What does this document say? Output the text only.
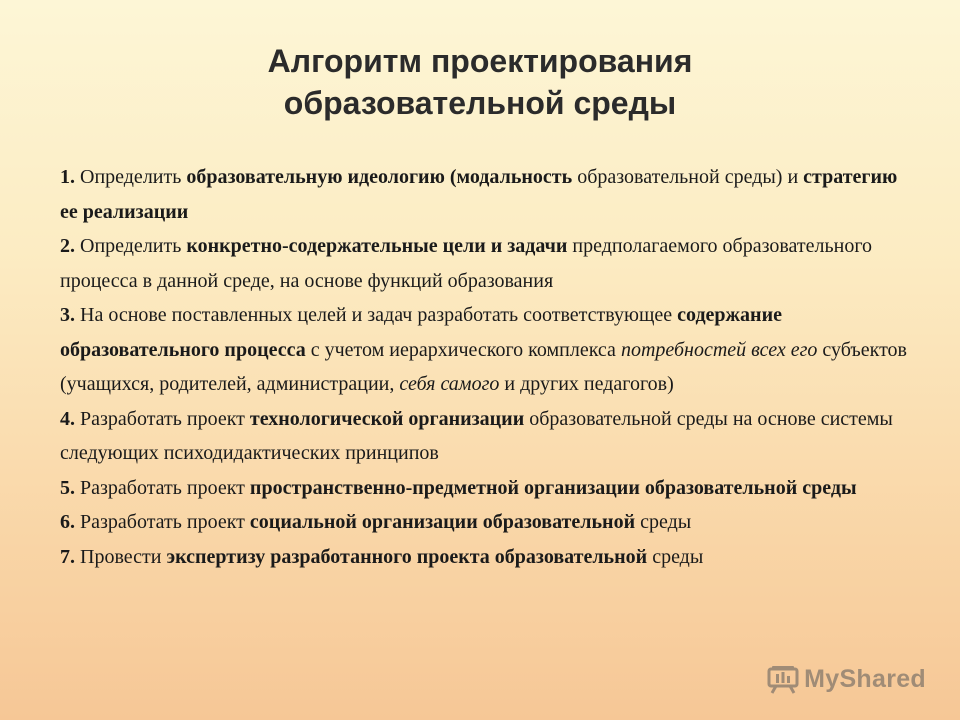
Алгоритм проектирования
образовательной среды
1. Определить образовательную идеологию (модальность образовательной среды) и стратегию ее реализации
2. Определить конкретно-содержательные цели и задачи предполагаемого образовательного процесса в данной среде, на основе функций образования
3. На основе поставленных целей и задач разработать соответствующее содержание образовательного процесса с учетом иерархического комплекса потребностей всех его субъектов (учащихся, родителей, администрации, себя самого и других педагогов)
4. Разработать проект технологической организации образовательной среды на основе системы следующих психодидактических принципов
5. Разработать проект пространственно-предметной организации образовательной среды
6. Разработать проект социальной организации образовательной среды
7. Провести экспертизу разработанного проекта образовательной среды
MyShared
